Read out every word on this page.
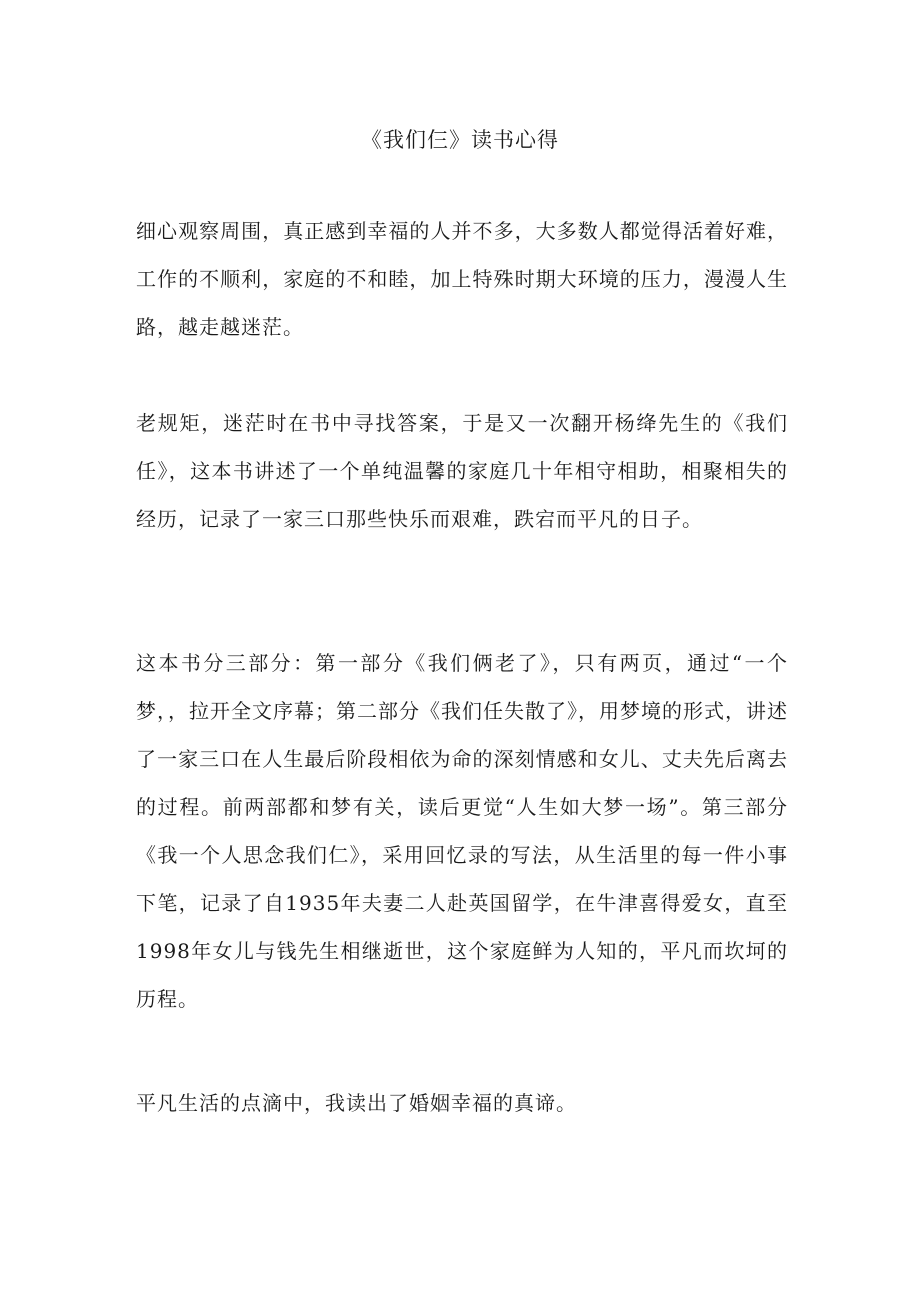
《我们仨》读书心得

细心观察周围，真正感到幸福的人并不多，大多数人都觉得活着好难，工作的不顺利，家庭的不和睦，加上特殊时期大环境的压力，漫漫人生路，越走越迷茫。

老规矩，迷茫时在书中寻找答案，于是又一次翻开杨绛先生的《我们任》，这本书讲述了一个单纯温馨的家庭几十年相守相助，相聚相失的经历，记录了一家三口那些快乐而艰难，跌宕而平凡的日子。

这本书分三部分：第一部分《我们俩老了》，只有两页，通过“一个梦，，拉开全文序幕；第二部分《我们任失散了》，用梦境的形式，讲述了一家三口在人生最后阶段相依为命的深刻情感和女儿、丈夫先后离去的过程。前两部都和梦有关，读后更觉“人生如大梦一场”。第三部分《我一个人思念我们仁》，采用回忆录的写法，从生活里的每一件小事下笔，记录了自1935年夫妻二人赴英国留学，在牛津喜得爱女，直至1998年女儿与钱先生相继逝世，这个家庭鲜为人知的，平凡而坎坷的历程。

平凡生活的点滴中，我读出了婚姻幸福的真谛。
